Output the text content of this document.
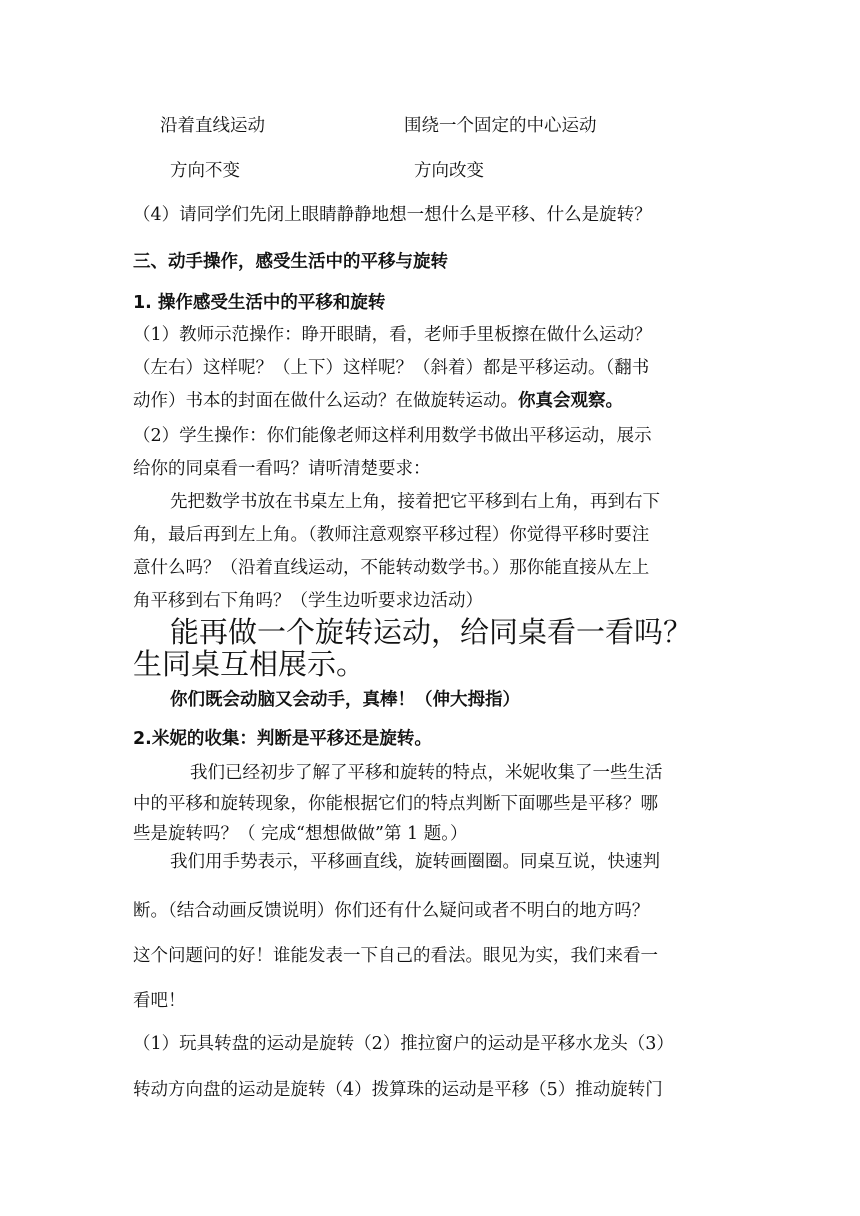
沿着直线运动	围绕一个固定的中心运动
方向不变	方向改变
（4）请同学们先闭上眼睛静静地想一想什么是平移、什么是旋转？
三、动手操作，感受生活中的平移与旋转
1. 操作感受生活中的平移和旋转
（1）教师示范操作：睁开眼睛，看，老师手里板擦在做什么运动？
（左右）这样呢？（上下）这样呢？（斜着）都是平移运动。（翻书
动作）书本的封面在做什么运动？在做旋转运动。你真会观察。
（2）学生操作：你们能像老师这样利用数学书做出平移运动，展示
给你的同桌看一看吗？请听清楚要求：
先把数学书放在书桌左上角，接着把它平移到右上角，再到右下
角，最后再到左上角。（教师注意观察平移过程）你觉得平移时要注
意什么吗？（沿着直线运动，不能转动数学书。）那你能直接从左上
角平移到右下角吗？（学生边听要求边活动）
能再做一个旋转运动，给同桌看一看吗？
生同桌互相展示。
你们既会动脑又会动手，真棒！（伸大拇指）
2.米妮的收集：判断是平移还是旋转。
我们已经初步了解了平移和旋转的特点，米妮收集了一些生活
中的平移和旋转现象，你能根据它们的特点判断下面哪些是平移？哪
些是旋转吗？（ 完成“想想做做”第 1 题。）
我们用手势表示，平移画直线，旋转画圈圈。同桌互说，快速判
断。（结合动画反馈说明）你们还有什么疑问或者不明白的地方吗？
这个问题问的好！谁能发表一下自己的看法。眼见为实，我们来看一
看吧！
（1）玩具转盘的运动是旋转（2）推拉窗户的运动是平移水龙头（3）
转动方向盘的运动是旋转（4）拨算珠的运动是平移（5）推动旋转门
